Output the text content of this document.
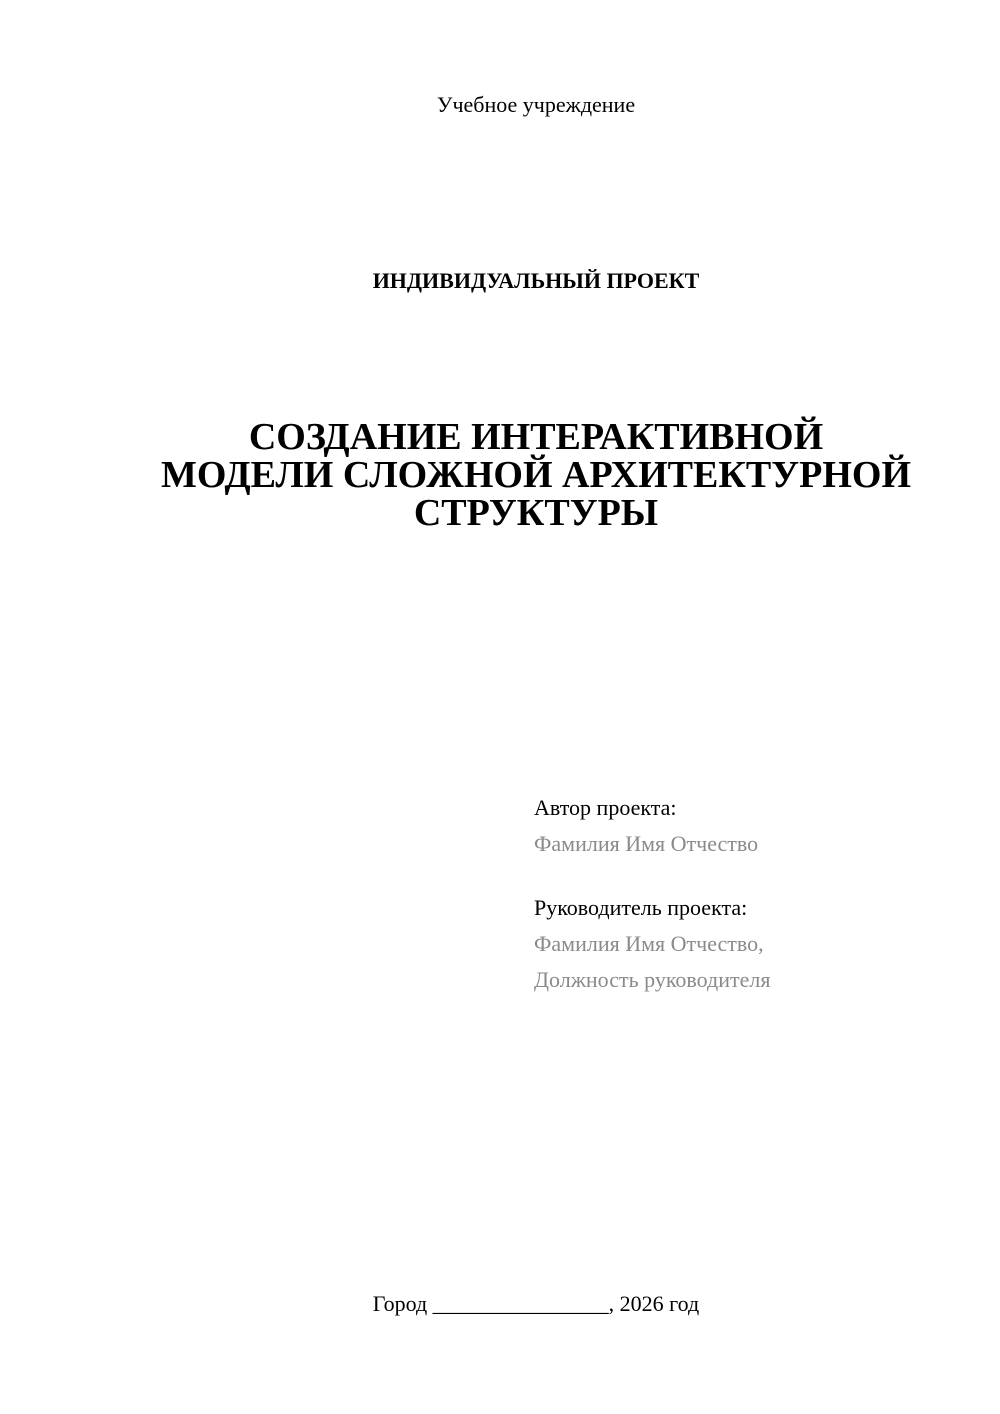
Учебное учреждение
ИНДИВИДУАЛЬНЫЙ ПРОЕКТ
СОЗДАНИЕ ИНТЕРАКТИВНОЙ
МОДЕЛИ СЛОЖНОЙ АРХИТЕКТУРНОЙ
СТРУКТУРЫ
Автор проекта:
Фамилия Имя Отчество
Руководитель проекта:
Фамилия Имя Отчество,
Должность руководителя
Город ________________, 2026 год
